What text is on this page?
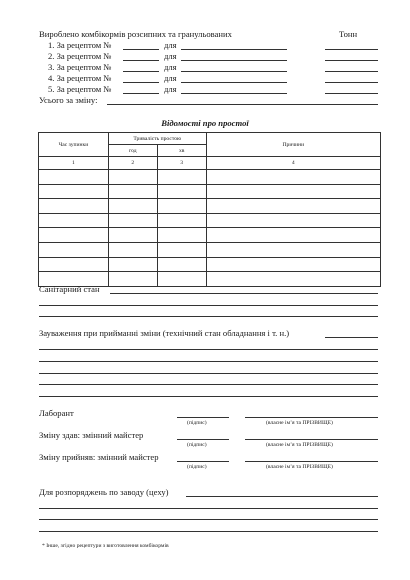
Вироблено комбікормів розсипних та гранульованих	Тонн
1. За рецептом №	для
2. За рецептом №	для
3. За рецептом №	для
4. За рецептом №	для
5. За рецептом №	для
Усього за зміну:
Відомості про простої
Час зупинки	Тривалість простою		Причини
	год	хв	
1	2	3	4

Санітарний стан
Зауваження при прийманні зміни (технічний стан обладнання і т. н.)
Лаборант
(підпис)	(власне ім’я та ПРІЗВИЩЕ)
Зміну здав: змінний майстер
(підпис)	(власне ім’я та ПРІЗВИЩЕ)
Зміну прийняв: змінний майстер
(підпис)	(власне ім’я та ПРІЗВИЩЕ)
Для розпоряджень по заводу (цеху)
* Інше, згідно рецептури з виготовлення комбікормів
